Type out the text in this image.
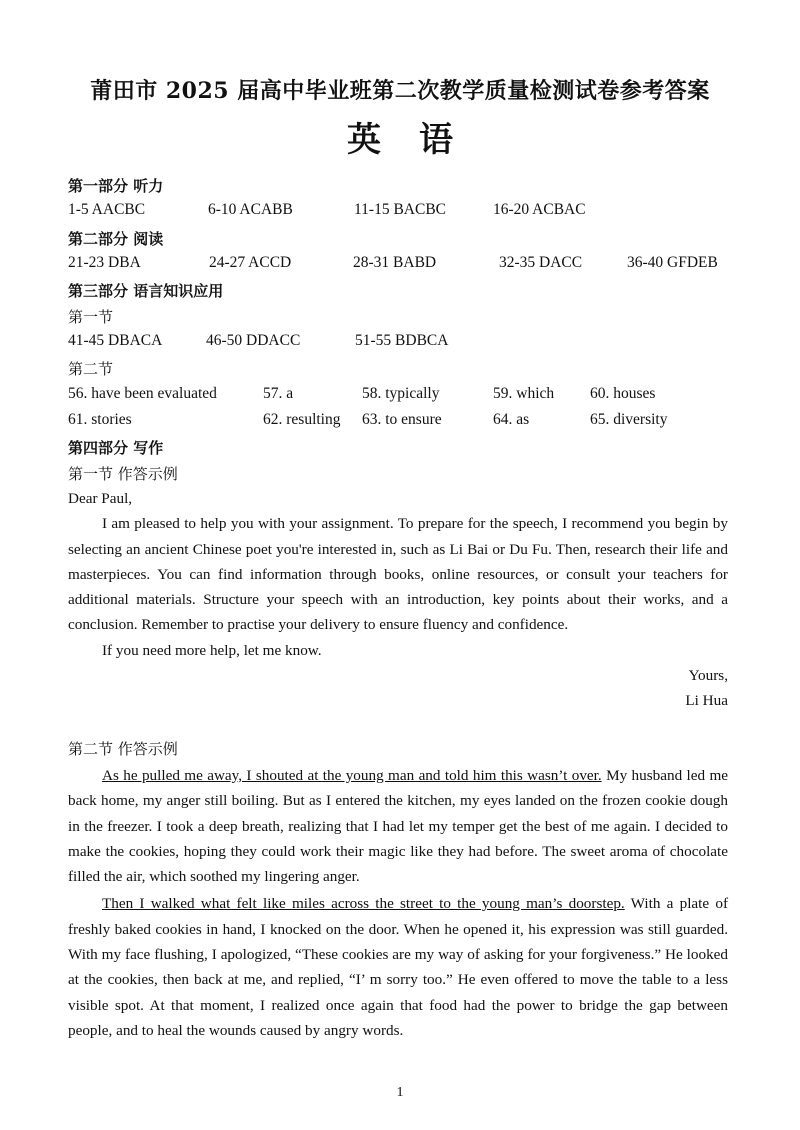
莆田市 2025 届高中毕业班第二次教学质量检测试卷参考答案
英语
第一部分 听力
1-5 AACBC	6-10 ACABB	11-15 BACBC	16-20 ACBAC
第二部分 阅读
21-23 DBA	24-27 ACCD	28-31 BABD	32-35 DACC	36-40 GFDEB
第三部分 语言知识应用
第一节
41-45 DBACA	46-50 DDACC	51-55 BDBCA
第二节
56. have been evaluated	57. a	58. typically	59. which 60. houses
61. stories	62. resulting 63. to ensure	64. as	65. diversity
第四部分 写作
第一节 作答示例

Dear Paul,

I am pleased to help you with your assignment. To prepare for the speech, I recommend you begin by selecting an ancient Chinese poet you're interested in, such as Li Bai or Du Fu. Then, research their life and masterpieces. You can find information through books, online resources, or consult your teachers for additional materials. Structure your speech with an introduction, key points about their works, and a conclusion. Remember to practise your delivery to ensure fluency and confidence.

If you need more help, let me know.

Yours,

Li Hua

第二节 作答示例

As he pulled me away, I shouted at the young man and told him this wasn’t over. My husband led me back home, my anger still boiling. But as I entered the kitchen, my eyes landed on the frozen cookie dough in the freezer. I took a deep breath, realizing that I had let my temper get the best of me again. I decided to make the cookies, hoping they could work their magic like they had before. The sweet aroma of chocolate filled the air, which soothed my lingering anger.

Then I walked what felt like miles across the street to the young man’s doorstep. With a plate of freshly baked cookies in hand, I knocked on the door. When he opened it, his expression was still guarded. With my face flushing, I apologized, “These cookies are my way of asking for your forgiveness.” He looked at the cookies, then back at me, and replied, “I’ m sorry too.” He even offered to move the table to a less visible spot. At that moment, I realized once again that food had the power to bridge the gap between people, and to heal the wounds caused by angry words.

1
